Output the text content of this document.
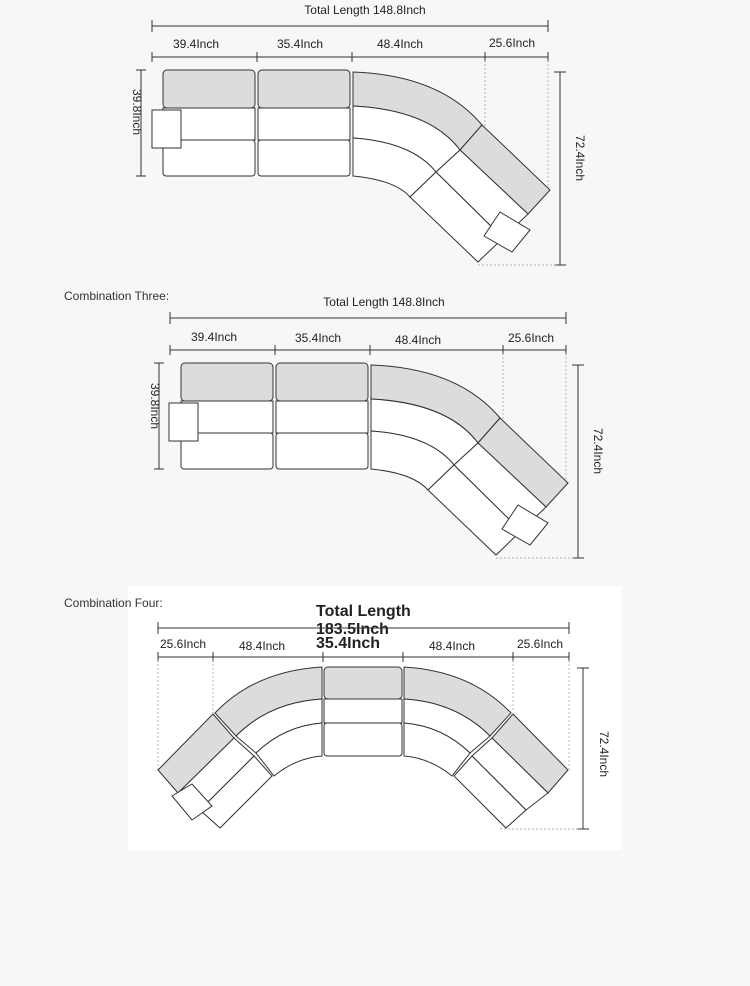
Total Length 148.8Inch
39.4Inch	35.4Inch	48.4Inch	25.6Inch
39.8Inch
72.4Inch
Total Length 148.8Inch
39.4Inch	35.4Inch	48.4Inch	25.6Inch
39.8Inch
72.4Inch
Total Length
183.5Inch
35.4Inch
25.6Inch	48.4Inch	48.4Inch	25.6Inch
72.4Inch
Combination Three:
Combination Four:
